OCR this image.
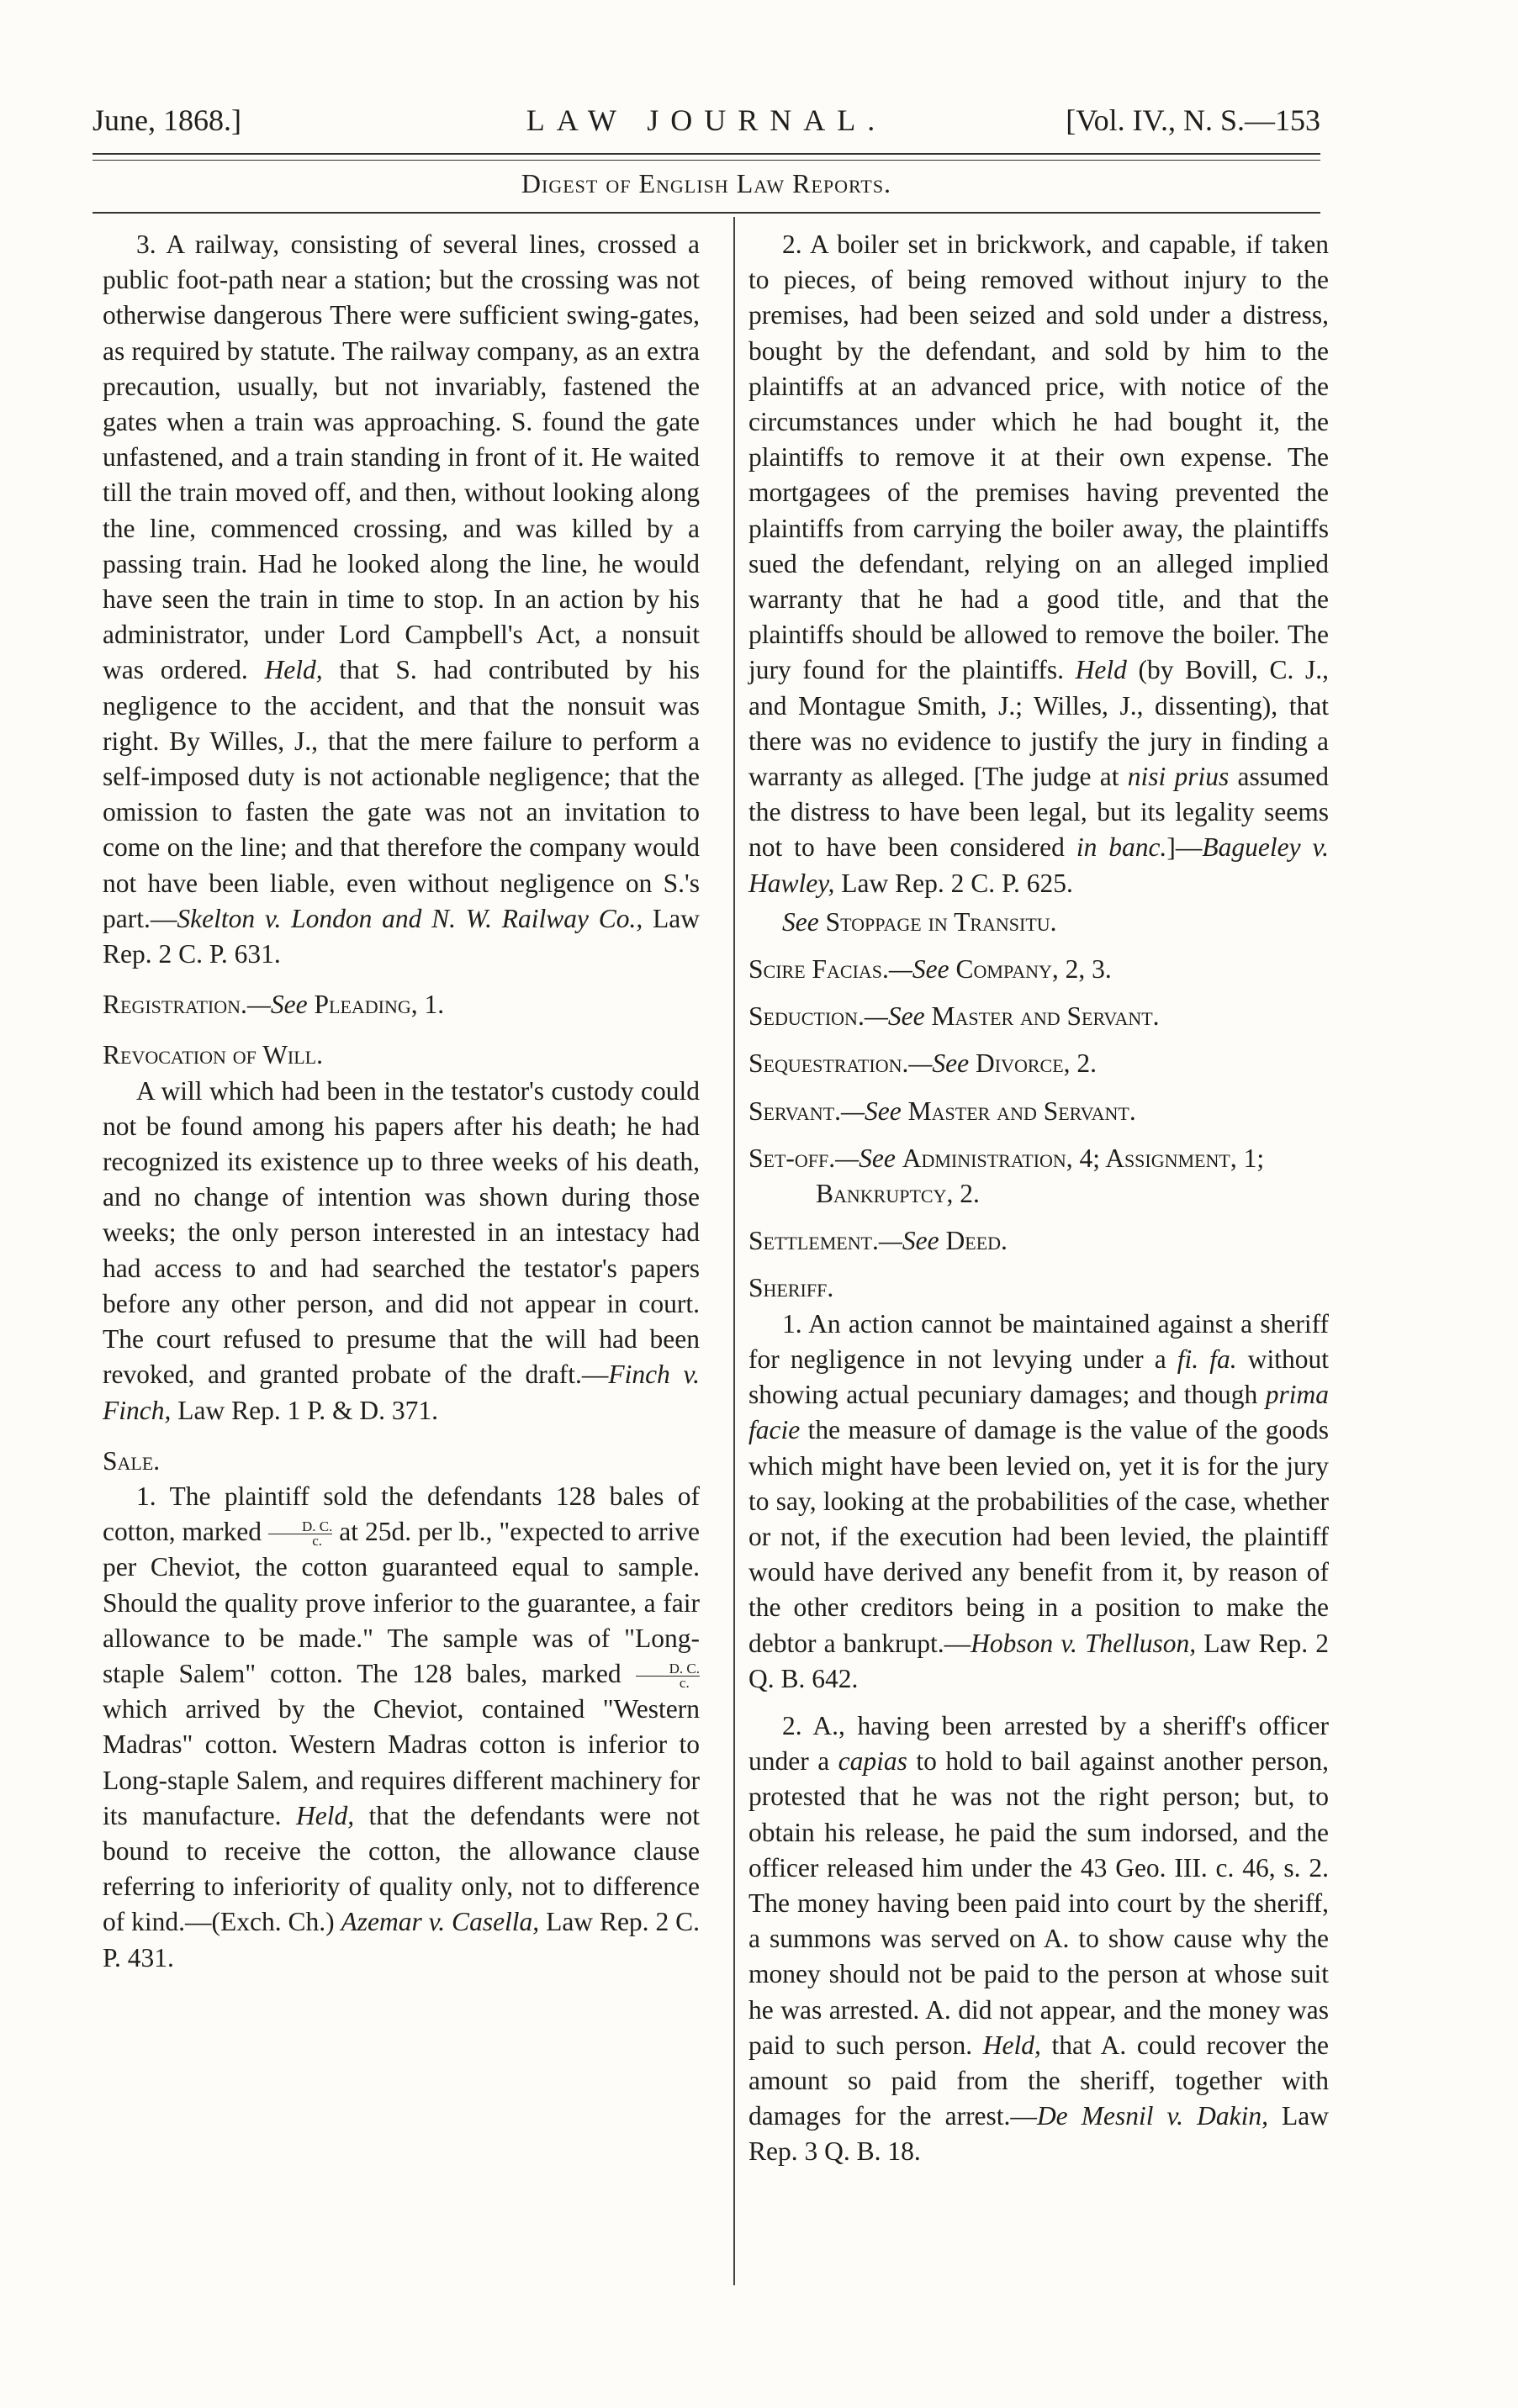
June, 1868.]	LAW JOURNAL.	[Vol. IV., N. S.—153
Digest of English Law Reports.

3. A railway, consisting of several lines, crossed a public foot-path near a station; but the crossing was not otherwise dangerous There were sufficient swing-gates, as required by statute. The railway company, as an extra precaution, usually, but not invariably, fastened the gates when a train was approaching. S. found the gate unfastened, and a train standing in front of it. He waited till the train moved off, and then, without looking along the line, commenced crossing, and was killed by a passing train. Had he looked along the line, he would have seen the train in time to stop. In an action by his administrator, under Lord Campbell's Act, a nonsuit was ordered. Held, that S. had contributed by his negligence to the accident, and that the nonsuit was right. By Willes, J., that the mere failure to perform a self-imposed duty is not actionable negligence; that the omission to fasten the gate was not an invitation to come on the line; and that therefore the company would not have been liable, even without negligence on S.'s part.—Skelton v. London and N. W. Railway Co., Law Rep. 2 C. P. 631.

Registration.—See Pleading, 1.

Revocation of Will.

A will which had been in the testator's custody could not be found among his papers after his death; he had recognized its existence up to three weeks of his death, and no change of intention was shown during those weeks; the only person interested in an intestacy had had access to and had searched the testator's papers before any other person, and did not appear in court. The court refused to presume that the will had been revoked, and granted probate of the draft.—Finch v. Finch, Law Rep. 1 P. & D. 371.

Sale.

1. The plaintiff sold the defendants 128 bales of cotton, marked $\frac{D. C.}{c.}$ at 25d. per lb., "expected to arrive per Cheviot, the cotton guaranteed equal to sample. Should the quality prove inferior to the guarantee, a fair allowance to be made." The sample was of "Long-staple Salem" cotton. The 128 bales, marked $\frac{D. C.}{c.}$
which arrived by the Cheviot, contained "Western Madras" cotton. Western Madras cotton is inferior to Long-staple Salem, and requires different machinery for its manufacture. Held, that the defendants were not bound to receive the cotton, the allowance clause referring to inferiority of quality only, not to difference of kind.—(Exch. Ch.) Azemar v. Casella, Law Rep. 2 C. P. 431.

2. A boiler set in brickwork, and capable, if taken to pieces, of being removed without injury to the premises, had been seized and sold under a distress, bought by the defendant, and sold by him to the plaintiffs at an advanced price, with notice of the circumstances under which he had bought it, the plaintiffs to remove it at their own expense. The mortgagees of the premises having prevented the plaintiffs from carrying the boiler away, the plaintiffs sued the defendant, relying on an alleged implied warranty that he had a good title, and that the plaintiffs should be allowed to remove the boiler. The jury found for the plaintiffs. Held (by Bovill, C. J., and Montague Smith, J.; Willes, J., dissenting), that there was no evidence to justify the jury in finding a warranty as alleged. [The judge at nisi prius assumed the distress to have been legal, but its legality seems not to have been considered in banc.]—Bagueley v. Hawley, Law Rep. 2 C. P. 625.

See Stoppage in Transitu.

Scire Facias.—See Company, 2, 3.

Seduction.—See Master and Servant.

Sequestration.—See Divorce, 2.

Servant.—See Master and Servant.

Set-off.—See Administration, 4; Assignment, 1; Bankruptcy, 2.

Settlement.—See Deed.

Sheriff.

1. An action cannot be maintained against a sheriff for negligence in not levying under a fi. fa. without showing actual pecuniary damages; and though prima facie the measure of damage is the value of the goods which might have been levied on, yet it is for the jury to say, looking at the probabilities of the case, whether or not, if the execution had been levied, the plaintiff would have derived any benefit from it, by reason of the other creditors being in a position to make the debtor a bankrupt.—Hobson v. Thelluson, Law Rep. 2 Q. B. 642.

2. A., having been arrested by a sheriff's officer under a capias to hold to bail against another person, protested that he was not the right person; but, to obtain his release, he paid the sum indorsed, and the officer released him under the 43 Geo. III. c. 46, s. 2. The money having been paid into court by the sheriff, a summons was served on A. to show cause why the money should not be paid to the person at whose suit he was arrested. A. did not appear, and the money was paid to such person. Held, that A. could recover the amount so paid from the sheriff, together with damages for the arrest.—De Mesnil v. Dakin, Law Rep. 3 Q. B. 18.
